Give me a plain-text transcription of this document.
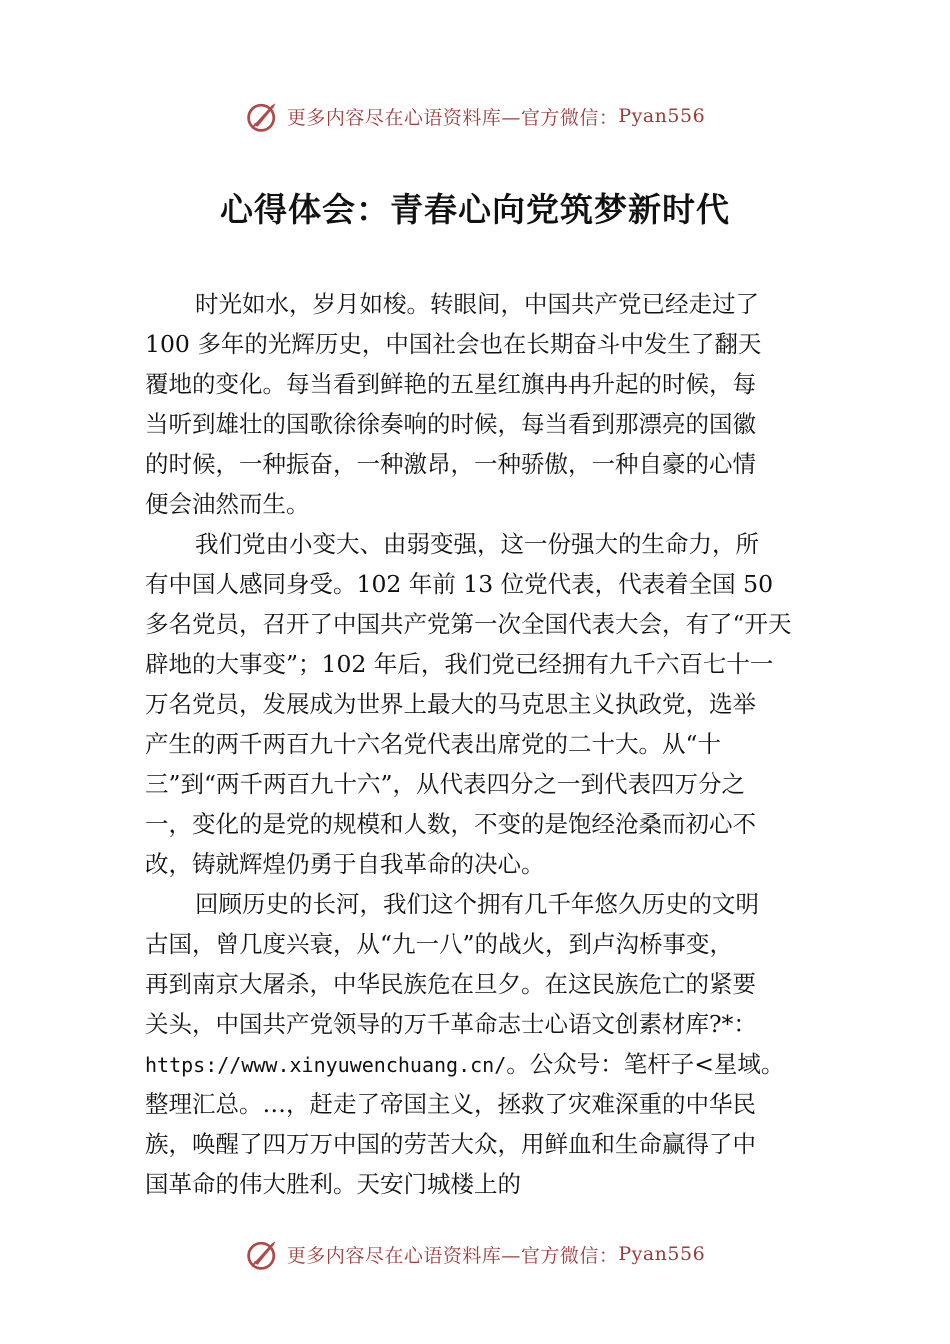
更多内容尽在心语资料库—官方微信： Pyan556
心得体会：青春心向党筑梦新时代
时光如水，岁月如梭。转眼间，中国共产党已经走过了
100 多年的光辉历史，中国社会也在长期奋斗中发生了翻天
覆地的变化。每当看到鲜艳的五星红旗冉冉升起的时候，每
当听到雄壮的国歌徐徐奏响的时候，每当看到那漂亮的国徽
的时候，一种振奋，一种激昂，一种骄傲，一种自豪的心情
便会油然而生。
我们党由小变大、由弱变强，这一份强大的生命力，所
有中国人感同身受。102 年前 13 位党代表，代表着全国 50
多名党员，召开了中国共产党第一次全国代表大会，有了“开天
辟地的大事变”；102 年后，我们党已经拥有九千六百七十一
万名党员，发展成为世界上最大的马克思主义执政党，选举
产生的两千两百九十六名党代表出席党的二十大。从“十
三”到“两千两百九十六”，从代表四分之一到代表四万分之
一，变化的是党的规模和人数，不变的是饱经沧桑而初心不
改，铸就辉煌仍勇于自我革命的决心。
回顾历史的长河，我们这个拥有几千年悠久历史的文明
古国，曾几度兴衰，从“九一八”的战火，到卢沟桥事变，
再到南京大屠杀，中华民族危在旦夕。在这民族危亡的紧要
关头，中国共产党领导的万千革命志士心语文创素材库?*：
https://www.xinyuwenchuang.cn/。公众号：笔杆子<星域。
整理汇总。…，赶走了帝国主义，拯救了灾难深重的中华民
族，唤醒了四万万中国的劳苦大众，用鲜血和生命赢得了中
国革命的伟大胜利。天安门城楼上的
更多内容尽在心语资料库—官方微信： Pyan556
